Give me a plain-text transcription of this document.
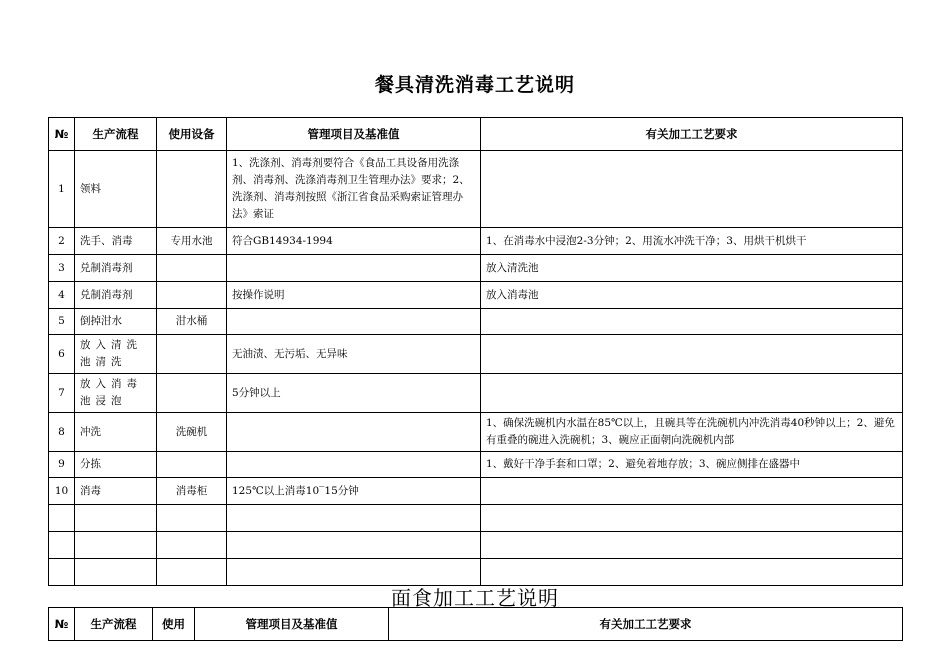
餐具清洗消毒工艺说明
№	生产流程	使用设备	管理项目及基准值	有关加工工艺要求
1	领料		1、洗涤剂、消毒剂要符合《食品工具设备用洗涤剂、消毒剂、洗涤消毒剂卫生管理办法》要求；2、洗涤剂、消毒剂按照《浙江省食品采购索证管理办法》索证	
2	洗手、消毒	专用水池	符合GB14934-1994	1、在消毒水中浸泡2-3分钟；2、用流水冲洗干净；3、用烘干机烘干
3	兑制消毒剂			放入清洗池
4	兑制消毒剂		按操作说明	放入消毒池
5	倒掉泔水	泔水桶		
6	放入清洗池清洗		无油渍、无污垢、无异味	
7	放入消毒池浸泡		5分钟以上	
8	冲洗	洗碗机		1、确保洗碗机内水温在85℃以上，且碗具等在洗碗机内冲洗消毒40秒钟以上；2、避免有重叠的碗进入洗碗机；3、碗应正面朝向洗碗机内部
9	分拣			1、戴好干净手套和口罩；2、避免着地存放；3、碗应侧排在盛器中
10	消毒	消毒柜	125℃以上消毒10‾15分钟	

面食加工工艺说明
№	生产流程	使用	管理项目及基准值	有关加工工艺要求
